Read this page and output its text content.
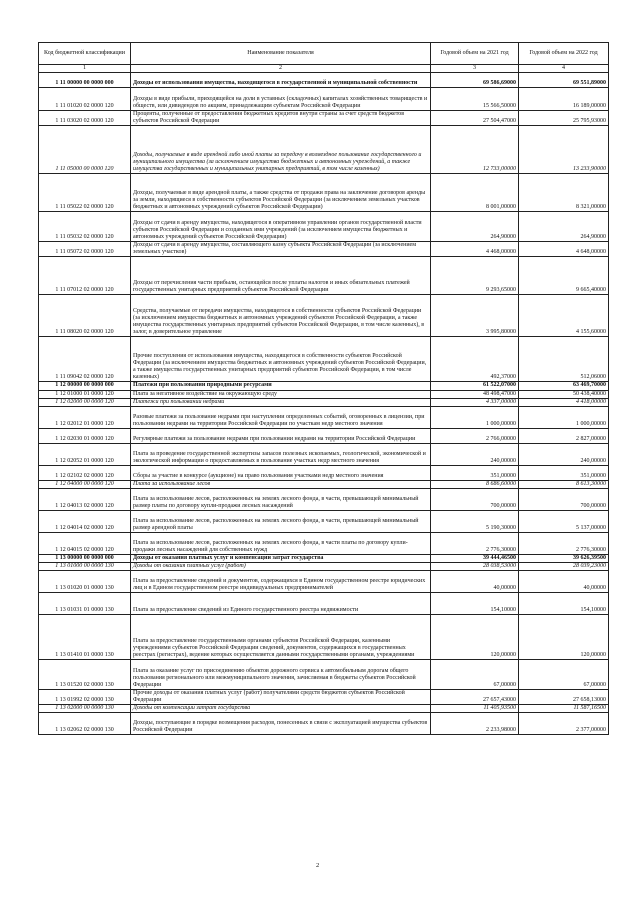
Код бюджетной классификации	Наименование показателя	Годовой объем на 2021 год	Годовой объем на 2022 год
1	2	3	4
1 11 00000 00 0000 000	Доходы от использования имущества, находящегося в государственной и муниципальной собственности	69 586,69000	69 551,89000
1 11 01020 02 0000 120	Доходы в виде прибыли, приходящейся на доли в уставных (складочных) капиталах хозяйственных товариществ и обществ, или дивидендов по акциям, принадлежащим субъектам Российской Федерации	15 566,50000	16 189,00000
1 11 03020 02 0000 120	Проценты, полученные от предоставления бюджетных кредитов внутри страны за счет средств бюджетов субъектов Российской Федерации	27 504,47000	25 795,93000
1 11 05000 00 0000 120	Доходы, получаемые в виде арендной либо иной платы за передачу в возмездное пользование государственного и муниципального имущества (за исключением имущества бюджетных и автономных учреждений, а также имущества государственных и муниципальных унитарных предприятий, в том числе казенных)	12 733,00000	13 233,90000
1 11 05022 02 0000 120	Доходы, получаемые в виде арендной платы, а также средства от продажи права на заключение договоров аренды за земли, находящиеся в собственности субъектов Российской Федерации (за исключением земельных участков бюджетных и автономных учреждений субъектов Российской Федерации)	8 001,00000	8 321,00000
1 11 05032 02 0000 120	Доходы от сдачи в аренду имущества, находящегося в оперативном управлении органов государственной власти субъектов Российской Федерации и созданных ими учреждений (за исключением имущества бюджетных и автономных учреждений субъектов Российской Федерации)	264,90000	264,90000
1 11 05072 02 0000 120	Доходы от сдачи в аренду имущества, составляющего казну субъекта Российской Федерации (за исключением земельных участков)	4 468,00000	4 648,00000
1 11 07012 02 0000 120	Доходы от перечисления части прибыли, остающейся после уплаты налогов и иных обязательных платежей государственных унитарных предприятий субъектов Российской Федерации	9 293,65000	9 665,40000
1 11 08020 02 0000 120	Средства, получаемые от передачи имущества, находящегося в собственности субъектов Российской Федерации (за исключением имущества бюджетных и автономных учреждений субъектов Российской Федерации, а также имущества государственных унитарных предприятий субъектов Российской Федерации, в том числе казенных), в залог, в доверительное управление	3 995,80000	4 155,60000
1 11 09042 02 0000 120	Прочие поступления от использования имущества, находящегося в собственности субъектов Российской Федерации (за исключением имущества бюджетных и автономных учреждений субъектов Российской Федерации, а также имущества государственных унитарных предприятий субъектов Российской Федерации, в том числе казенных)	492,37000	512,06000
1 12 00000 00 0000 000	Платежи при пользовании природными ресурсами	61 522,07000	63 469,70000
1 12 01000 01 0000 120	Плата за негативное воздействие на окружающую среду	48 498,47000	50 438,40000
1 12 02000 00 0000 120	Платежи при пользовании недрами	4 337,00000	4 418,00000
1 12 02012 01 0000 120	Разовые платежи за пользование недрами при наступлении определенных событий, оговоренных в лицензии, при пользовании недрами на территории Российской Федерации по участкам недр местного значения	1 000,00000	1 000,00000
1 12 02030 01 0000 120	Регулярные платежи за пользование недрами при пользовании недрами на территории Российской Федерации	2 766,00000	2 827,00000
1 12 02052 01 0000 120	Плата за проведение государственной экспертизы запасов полезных ископаемых, геологической, экономической и экологической информации о предоставляемых в пользование участках недр местного значения	240,00000	240,00000
1 12 02102 02 0000 120	Сборы за участие в конкурсе (аукционе) на право пользования участками недр местного значения	351,00000	351,00000
1 12 04000 00 0000 120	Плата за использование лесов	8 686,60000	8 613,30000
1 12 04013 02 0000 120	Плата за использование лесов, расположенных на землях лесного фонда, в части, превышающей минимальный размер платы по договору купли-продажи лесных насаждений	700,00000	700,00000
1 12 04014 02 0000 120	Плата за использование лесов, расположенных на землях лесного фонда, в части, превышающей минимальный размер арендной платы	5 190,30000	5 137,00000
1 12 04015 02 0000 120	Плата за использование лесов, расположенных на землях лесного фонда, в части платы по договору купли-продажи лесных насаждений для собственных нужд	2 776,30000	2 776,30000
1 13 00000 00 0000 000	Доходы от оказания платных услуг и компенсации затрат государства	39 444,46500	39 626,39500
1 13 01000 00 0000 130	Доходы от оказания платных услуг (работ)	28 038,53000	28 039,23000
1 13 01020 01 0000 130	Плата за предоставление сведений и документов, содержащихся в Едином государственном реестре юридических лиц и в Едином государственном реестре индивидуальных предпринимателей	40,00000	40,00000
1 13 01031 01 0000 130	Плата за предоставление сведений из Единого государственного реестра недвижимости	154,10000	154,10000
1 13 01410 01 0000 130	Плата за предоставление государственными органами субъектов Российской Федерации, казенными учреждениями субъектов Российской Федерации сведений, документов, содержащихся в государственных реестрах (регистрах), ведение которых осуществляется данными государственными органами, учреждениями	120,00000	120,00000
1 13 01520 02 0000 130	Плата за оказание услуг по присоединению объектов дорожного сервиса к автомобильным дорогам общего пользования регионального или межмуниципального значения, зачисляемая в бюджеты субъектов Российской Федерации	67,00000	67,00000
1 13 01992 02 0000 130	Прочие доходы от оказания платных услуг (работ) получателями средств бюджетов субъектов Российской Федерации	27 657,43000	27 658,13000
1 13 02000 00 0000 130	Доходы от компенсации затрат государства	11 405,93500	11 587,16500
1 13 02062 02 0000 130	Доходы, поступающие в порядке возмещения расходов, понесенных в связи с эксплуатацией имущества субъектов Российской Федерации	2 233,98000	2 377,00000
2
